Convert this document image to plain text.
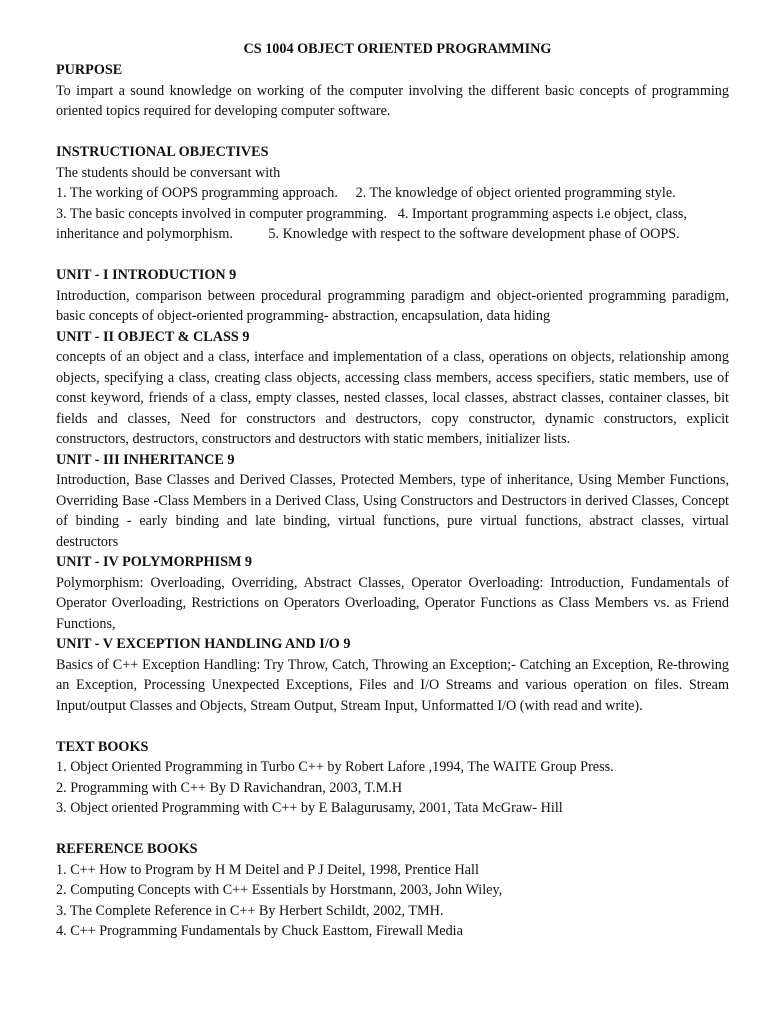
CS 1004 OBJECT ORIENTED PROGRAMMING
PURPOSE

To impart a sound knowledge on working of the computer involving the different basic concepts of programming oriented topics required for developing computer software.

INSTRUCTIONAL OBJECTIVES
The students should be conversant with
1. The working of OOPS programming approach.     2. The knowledge of object oriented programming style.
3. The basic concepts involved in computer programming.   4. Important programming aspects i.e object, class,
inheritance and polymorphism.          5. Knowledge with respect to the software development phase of OOPS.
UNIT - I INTRODUCTION 9

Introduction, comparison between procedural programming paradigm and object-oriented programming paradigm, basic concepts of object-oriented programming- abstraction, encapsulation, data hiding

UNIT - II OBJECT & CLASS 9

concepts of an object and a class, interface and implementation of a class, operations on objects, relationship among objects, specifying a class, creating class objects, accessing class members, access specifiers, static members, use of const keyword, friends of a class, empty classes, nested classes, local classes, abstract classes, container classes, bit fields and classes, Need for constructors and destructors, copy constructor, dynamic constructors, explicit constructors, destructors, constructors and destructors with static members, initializer lists.

UNIT - III INHERITANCE 9

Introduction, Base Classes and Derived Classes, Protected Members, type of inheritance, Using Member Functions, Overriding Base -Class Members in a Derived Class, Using Constructors and Destructors in derived Classes, Concept of binding - early binding and late binding, virtual functions, pure virtual functions, abstract classes, virtual destructors

UNIT - IV POLYMORPHISM 9

Polymorphism: Overloading, Overriding, Abstract Classes, Operator Overloading: Introduction, Fundamentals of Operator Overloading, Restrictions on Operators Overloading, Operator Functions as Class Members vs. as Friend Functions,

UNIT - V EXCEPTION HANDLING AND I/O 9

Basics of C++ Exception Handling: Try Throw, Catch, Throwing an Exception;- Catching an Exception, Re-throwing an Exception, Processing Unexpected Exceptions, Files and I/O Streams and various operation on files. Stream Input/output Classes and Objects, Stream Output, Stream Input, Unformatted I/O (with read and write).

TEXT BOOKS
1. Object Oriented Programming in Turbo C++ by Robert Lafore ,1994, The WAITE Group Press.
2. Programming with C++ By D Ravichandran, 2003, T.M.H
3. Object oriented Programming with C++ by E Balagurusamy, 2001, Tata McGraw- Hill
REFERENCE BOOKS
1. C++ How to Program by H M Deitel and P J Deitel, 1998, Prentice Hall
2. Computing Concepts with C++ Essentials by Horstmann, 2003, John Wiley,
3. The Complete Reference in C++ By Herbert Schildt, 2002, TMH.
4. C++ Programming Fundamentals by Chuck Easttom, Firewall Media
